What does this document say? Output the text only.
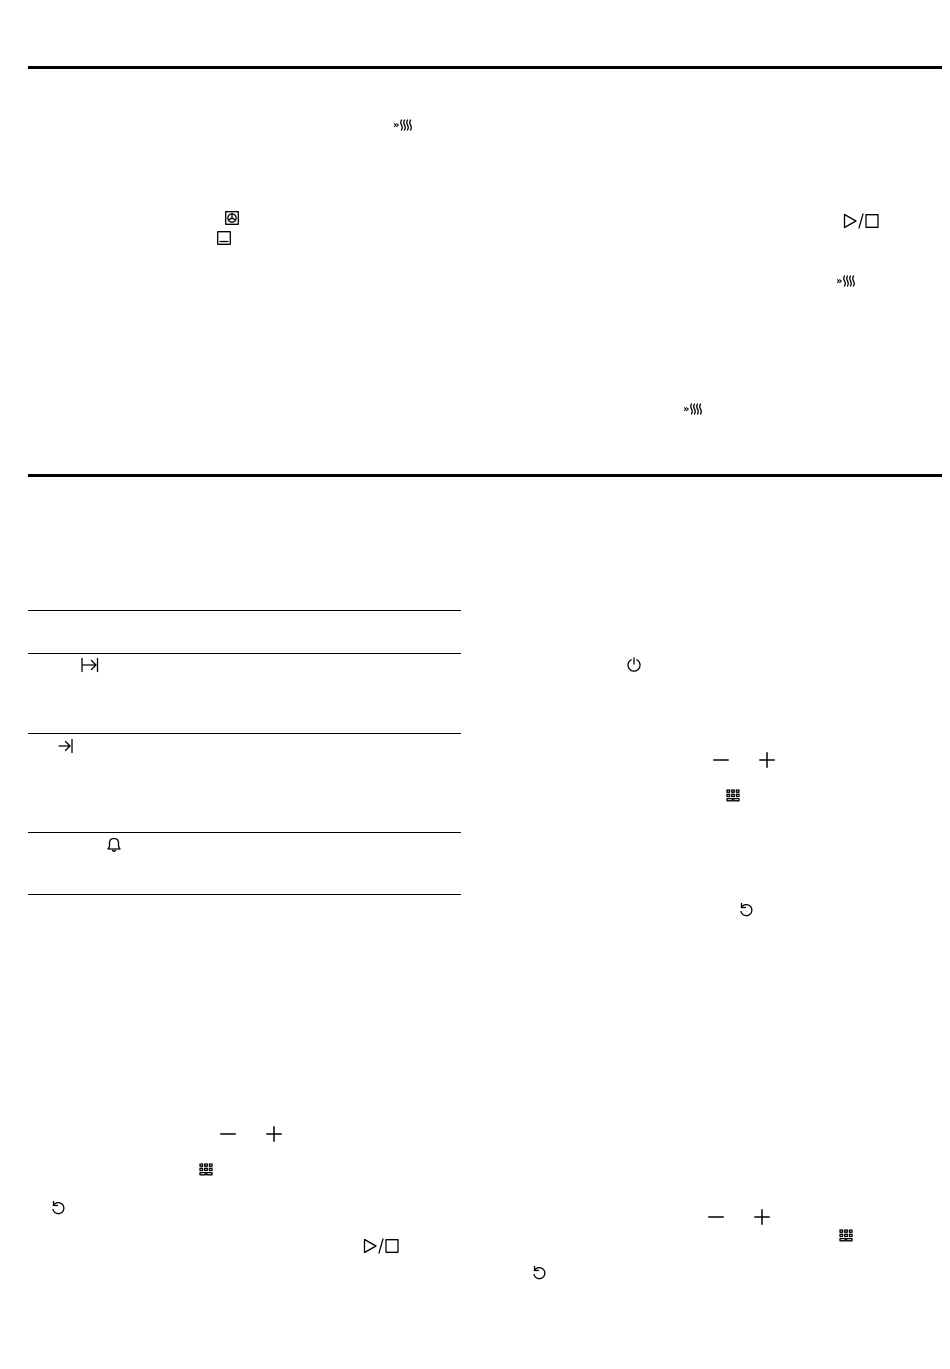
»
»
»
